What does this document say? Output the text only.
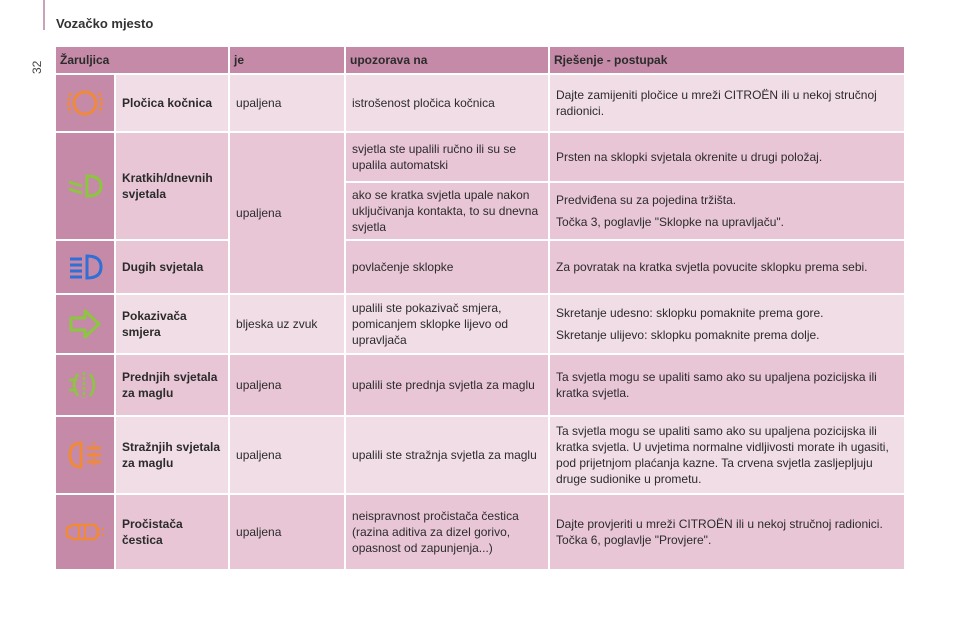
Vozačko mjesto
32
Žaruljica		je	upozorava na	Rješenje - postupak
	Pločica kočnica	upaljena	istrošenost pločica kočnica	Dajte zamijeniti pločice u mreži CITROËN ili u nekoj stručnoj radionici.
	Kratkih/dnevnih svjetala	upaljena	svjetla ste upalili ručno ili su se upalila automatski	Prsten na sklopki svjetala okrenite u drugi položaj.
			ako se kratka svjetla upale nakon uključivanja kontakta, to su dnevna svjetla	Predviđena su za pojedina tržišta.
Točka 3, poglavlje "Sklopke na upravljaču".

	Dugih svjetala		povlačenje sklopke	Za povratak na kratka svjetla povucite sklopku prema sebi.
	Pokazivača smjera	bljeska uz zvuk	upalili ste pokazivač smjera, pomicanjem sklopke lijevo od upravljača	Skretanje udesno: sklopku pomaknite prema gore.
Skretanje ulijevo: sklopku pomaknite prema dolje.

	Prednjih svjetala za maglu	upaljena	upalili ste prednja svjetla za maglu	Ta svjetla mogu se upaliti samo ako su upaljena pozicijska ili kratka svjetla.
	Stražnjih svjetala za maglu	upaljena	upalili ste stražnja svjetla za maglu	Ta svjetla mogu se upaliti samo ako su upaljena pozicijska ili kratka svjetla. U uvjetima normalne vidljivosti morate ih ugasiti, pod prijetnjom plaćanja kazne. Ta crvena svjetla zasljepljuju druge sudionike u prometu.
	Pročistača čestica	upaljena	neispravnost pročistača čestica (razina aditiva za dizel gorivo, opasnost od zapunjenja...)	Dajte provjeriti u mreži CITROËN ili u nekoj stručnoj radionici. Točka 6, poglavlje "Provjere".
